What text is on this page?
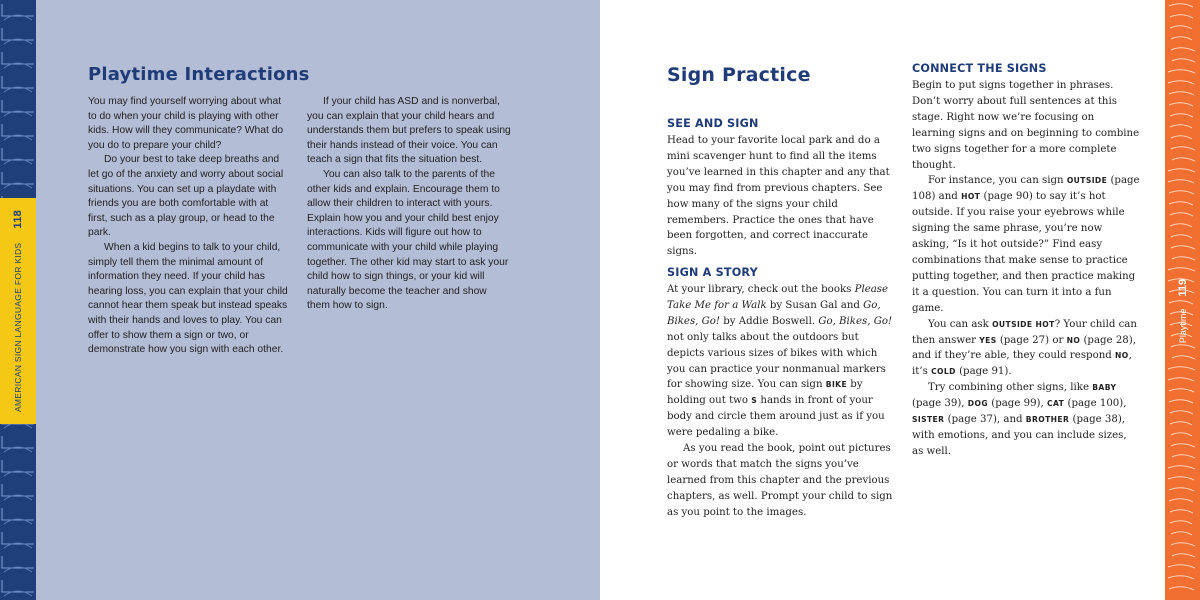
AMERICAN SIGN LANGUAGE FOR KIDS118
Playtime Interactions

You may find yourself worrying about what to do when your child is playing with other kids. How will they communicate? What do you do to prepare your child?

Do your best to take deep breaths and let go of the anxiety and worry about social situations. You can set up a playdate with friends you are both comfortable with at first, such as a play group, or head to the park.

When a kid begins to talk to your child, simply tell them the minimal amount of information they need. If your child has hearing loss, you can explain that your child cannot hear them speak but instead speaks with their hands and loves to play. You can offer to show them a sign or two, or demonstrate how you sign with each other.

If your child has ASD and is nonverbal, you can explain that your child hears and understands them but prefers to speak using their hands instead of their voice. You can teach a sign that fits the situation best.

You can also talk to the parents of the other kids and explain. Encourage them to allow their children to interact with yours. Explain how you and your child best enjoy interactions. Kids will figure out how to communicate with your child while playing together. The other kid may start to ask your child how to sign things, or your kid will naturally become the teacher and show them how to sign.

Playtime119
Sign Practice
SEE AND SIGN

Head to your favorite local park and do a mini scavenger hunt to find all the items you’ve learned in this chapter and any that you may find from previous chapters. See how many of the signs your child remembers. Practice the ones that have been forgotten, and correct inaccurate signs.

SIGN A STORY

At your library, check out the books Please Take Me for a Walk by Susan Gal and Go, Bikes, Go! by Addie Boswell. Go, Bikes, Go! not only talks about the outdoors but depicts various sizes of bikes with which you can practice your nonmanual markers for showing size. You can sign BIKE by holding out two S hands in front of your body and circle them around just as if you were pedaling a bike.

As you read the book, point out pictures or words that match the signs you’ve learned from this chapter and the previous chapters, as well. Prompt your child to sign as you point to the images.

CONNECT THE SIGNS

Begin to put signs together in phrases. Don’t worry about full sentences at this stage. Right now we’re focusing on learning signs and on beginning to combine two signs together for a more complete thought.

For instance, you can sign OUTSIDE (page 108) and HOT (page 90) to say it’s hot outside. If you raise your eyebrows while signing the same phrase, you’re now asking, “Is it hot outside?” Find easy combinations that make sense to practice putting together, and then practice making it a question. You can turn it into a fun game.

You can ask OUTSIDE HOT? Your child can then answer YES (page 27) or NO (page 28), and if they’re able, they could respond NO, it’s COLD (page 91).

Try combining other signs, like BABY (page 39), DOG (page 99), CAT (page 100), SISTER (page 37), and BROTHER (page 38), with emotions, and you can include sizes, as well.
